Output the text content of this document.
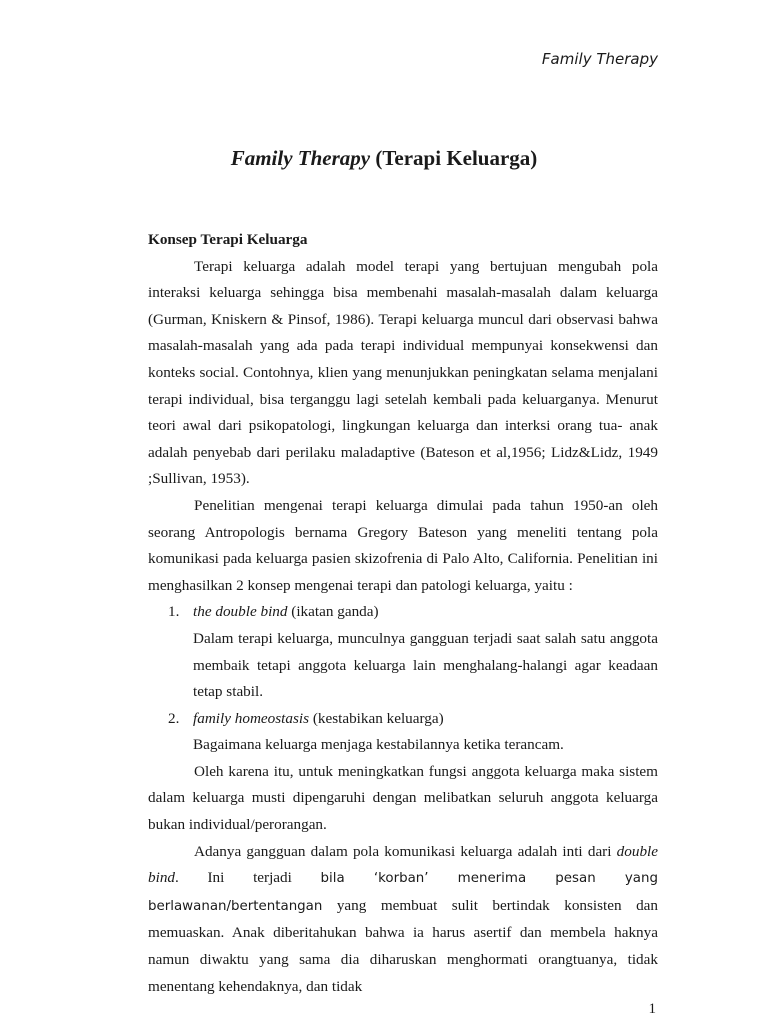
Family Therapy
Family Therapy (Terapi Keluarga)
Konsep Terapi Keluarga

Terapi keluarga adalah model terapi yang bertujuan mengubah pola interaksi keluarga sehingga bisa membenahi masalah-masalah dalam keluarga (Gurman, Kniskern & Pinsof, 1986). Terapi keluarga muncul dari observasi bahwa masalah-masalah yang ada pada terapi individual mempunyai konsekwensi dan konteks social. Contohnya, klien yang menunjukkan peningkatan selama menjalani terapi individual, bisa terganggu lagi setelah kembali pada keluarganya. Menurut teori awal dari psikopatologi, lingkungan keluarga dan interksi orang tua- anak adalah penyebab dari perilaku maladaptive (Bateson et al,1956; Lidz&Lidz, 1949 ;Sullivan, 1953).

Penelitian mengenai terapi keluarga dimulai pada tahun 1950-an oleh seorang Antropologis bernama Gregory Bateson yang meneliti tentang pola komunikasi pada keluarga pasien skizofrenia di Palo Alto, California. Penelitian ini menghasilkan 2 konsep mengenai terapi dan patologi keluarga, yaitu :

1. the double bind (ikatan ganda)
Dalam terapi keluarga, munculnya gangguan terjadi saat salah satu anggota membaik tetapi anggota keluarga lain menghalang-halangi agar keadaan tetap stabil.
2. family homeostasis (kestabikan keluarga)
Bagaimana keluarga menjaga kestabilannya ketika terancam.

Oleh karena itu, untuk meningkatkan fungsi anggota keluarga maka sistem dalam keluarga musti dipengaruhi dengan melibatkan seluruh anggota keluarga bukan individual/perorangan.

Adanya gangguan dalam pola komunikasi keluarga adalah inti dari double bind. Ini terjadi bila ‘korban’ menerima pesan yang berlawanan/bertentangan yang membuat sulit bertindak konsisten dan memuaskan. Anak diberitahukan bahwa ia harus asertif dan membela haknya namun diwaktu yang sama dia diharuskan menghormati orangtuanya, tidak menentang kehendaknya, dan tidak

1
